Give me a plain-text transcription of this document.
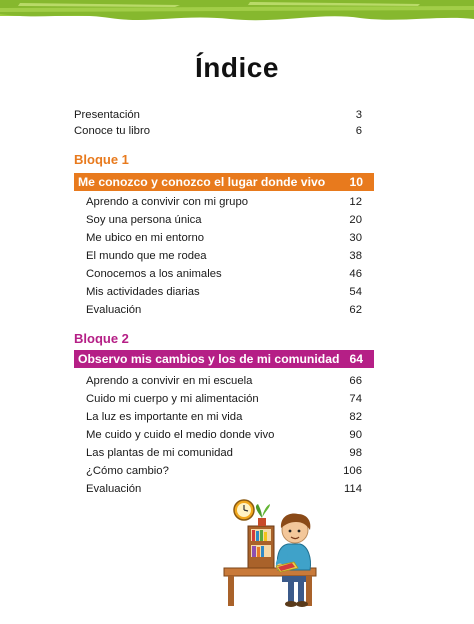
Índice
Presentación	3
Conoce tu libro	6
Bloque 1
Me conozco y conozco el lugar donde vivo 10
Aprendo a convivir con mi grupo	12
Soy una persona única	20
Me ubico en mi entorno	30
El mundo que me rodea	38
Conocemos a los animales	46
Mis actividades diarias	54
Evaluación	62
Bloque 2
Observo mis cambios y los de mi comunidad 64
Aprendo a convivir en mi escuela	66
Cuido mi cuerpo y mi alimentación	74
La luz es importante en mi vida	82
Me cuido y cuido el medio donde vivo	90
Las plantas de mi comunidad	98
¿Cómo cambio?	106
Evaluación	114
